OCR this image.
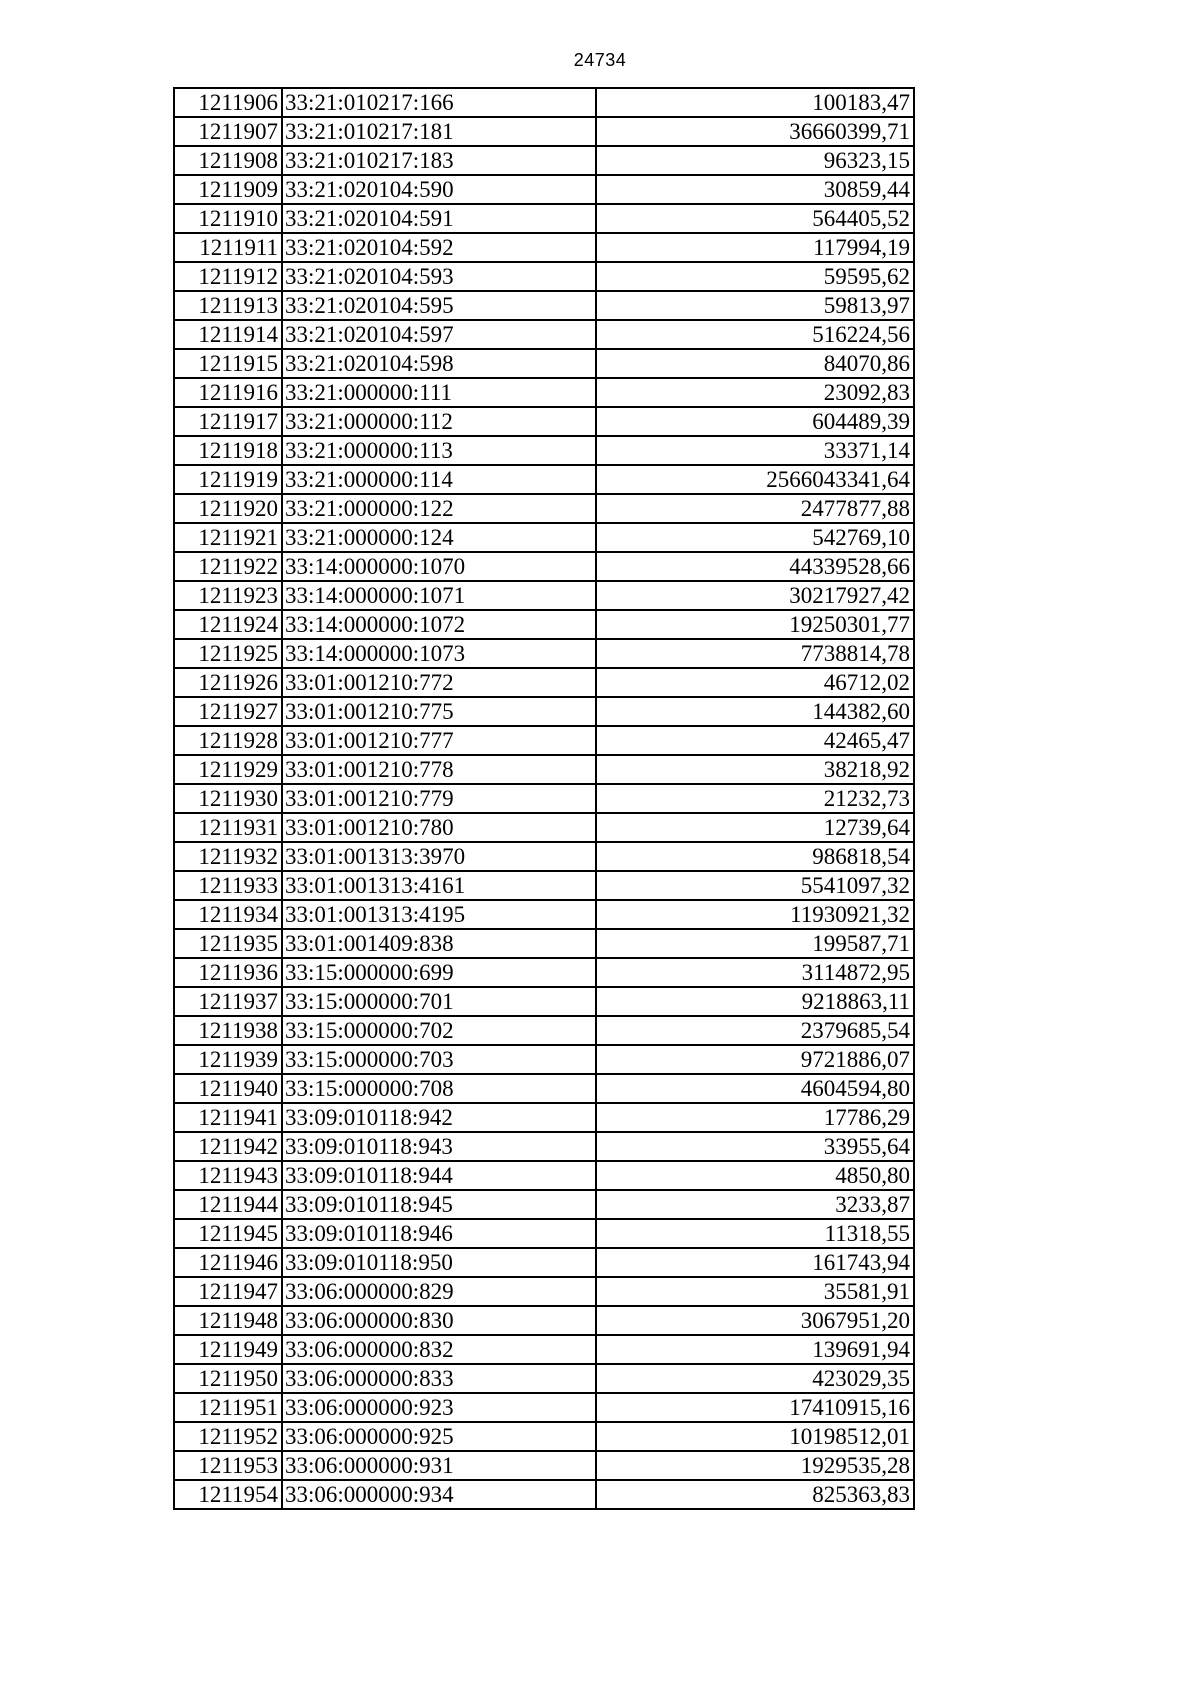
24734
1211906	33:21:010217:166	100183,47
1211907	33:21:010217:181	36660399,71
1211908	33:21:010217:183	96323,15
1211909	33:21:020104:590	30859,44
1211910	33:21:020104:591	564405,52
1211911	33:21:020104:592	117994,19
1211912	33:21:020104:593	59595,62
1211913	33:21:020104:595	59813,97
1211914	33:21:020104:597	516224,56
1211915	33:21:020104:598	84070,86
1211916	33:21:000000:111	23092,83
1211917	33:21:000000:112	604489,39
1211918	33:21:000000:113	33371,14
1211919	33:21:000000:114	2566043341,64
1211920	33:21:000000:122	2477877,88
1211921	33:21:000000:124	542769,10
1211922	33:14:000000:1070	44339528,66
1211923	33:14:000000:1071	30217927,42
1211924	33:14:000000:1072	19250301,77
1211925	33:14:000000:1073	7738814,78
1211926	33:01:001210:772	46712,02
1211927	33:01:001210:775	144382,60
1211928	33:01:001210:777	42465,47
1211929	33:01:001210:778	38218,92
1211930	33:01:001210:779	21232,73
1211931	33:01:001210:780	12739,64
1211932	33:01:001313:3970	986818,54
1211933	33:01:001313:4161	5541097,32
1211934	33:01:001313:4195	11930921,32
1211935	33:01:001409:838	199587,71
1211936	33:15:000000:699	3114872,95
1211937	33:15:000000:701	9218863,11
1211938	33:15:000000:702	2379685,54
1211939	33:15:000000:703	9721886,07
1211940	33:15:000000:708	4604594,80
1211941	33:09:010118:942	17786,29
1211942	33:09:010118:943	33955,64
1211943	33:09:010118:944	4850,80
1211944	33:09:010118:945	3233,87
1211945	33:09:010118:946	11318,55
1211946	33:09:010118:950	161743,94
1211947	33:06:000000:829	35581,91
1211948	33:06:000000:830	3067951,20
1211949	33:06:000000:832	139691,94
1211950	33:06:000000:833	423029,35
1211951	33:06:000000:923	17410915,16
1211952	33:06:000000:925	10198512,01
1211953	33:06:000000:931	1929535,28
1211954	33:06:000000:934	825363,83
